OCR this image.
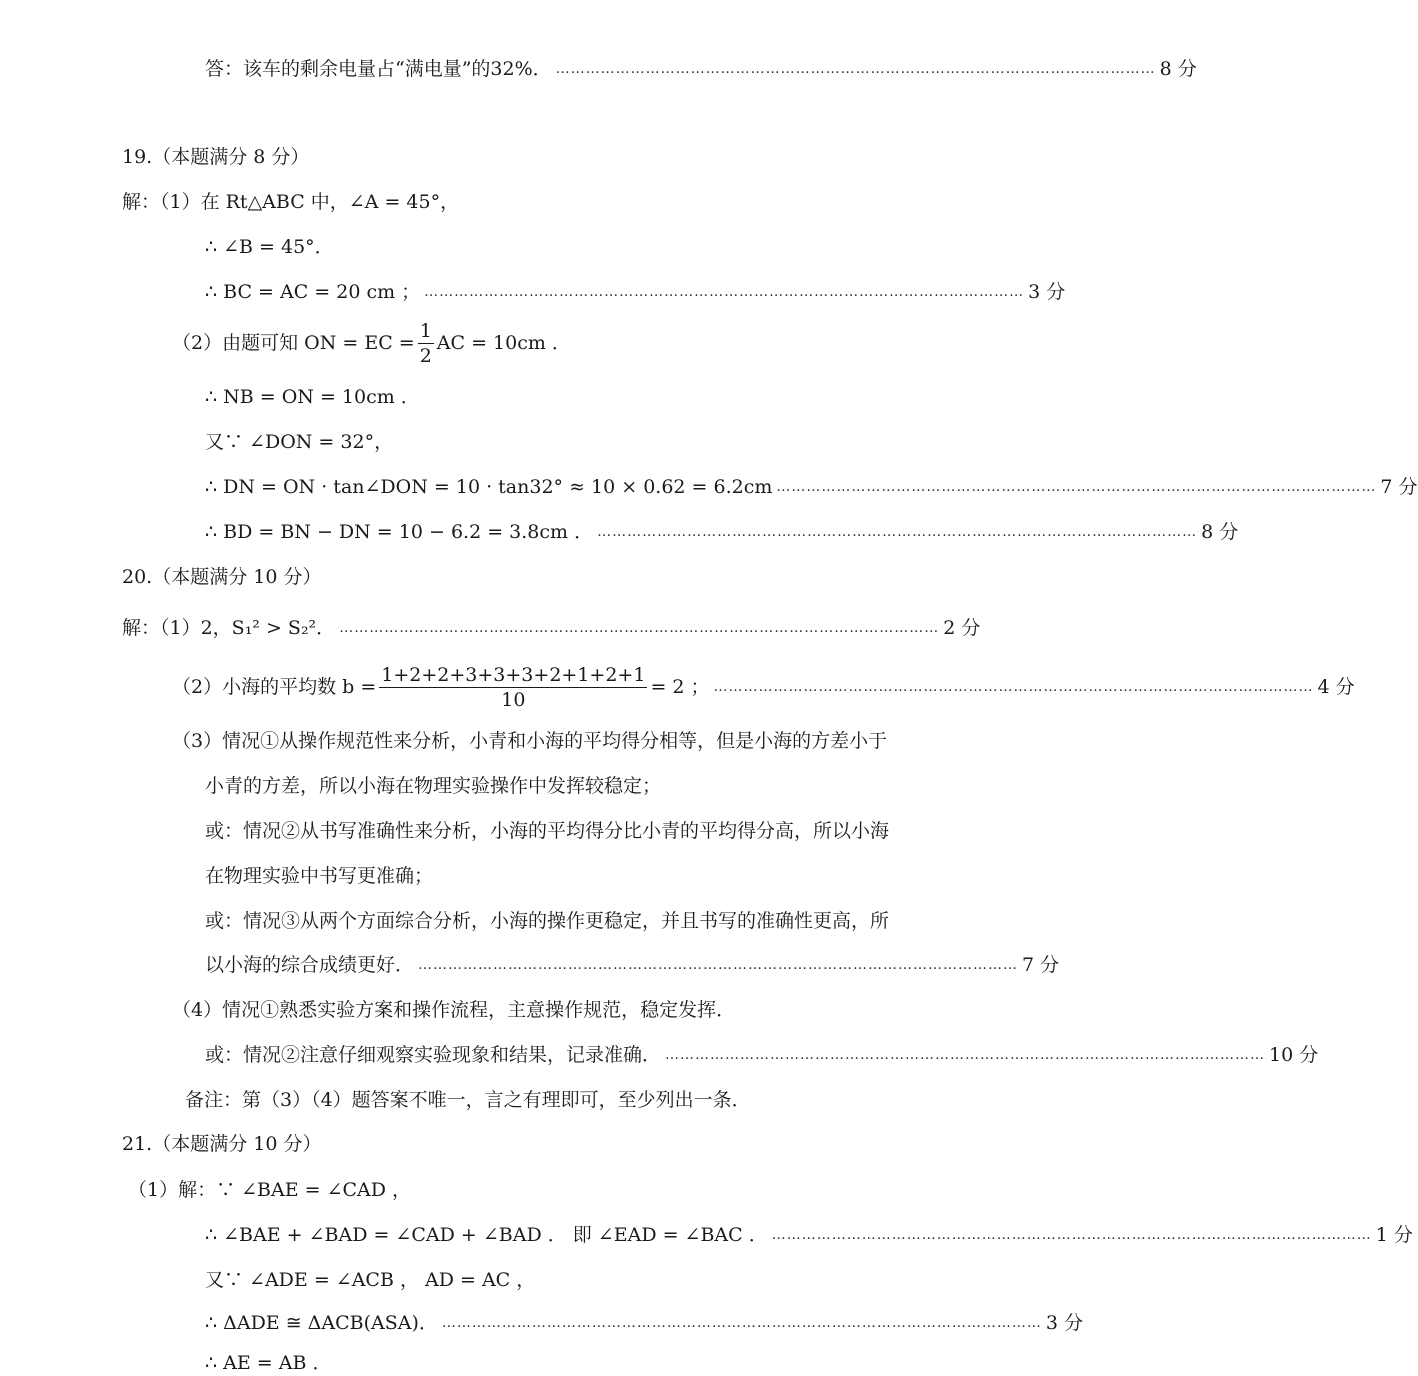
答：该车的剩余电量占“满电量”的32%． ………………………………………………………………………………………………………… 8 分
19.（本题满分 8 分）
解：（1）在 Rt△ABC 中，∠A = 45°，
∴ ∠B = 45°．
∴ BC = AC = 20 cm ； ………………………………………………………………………………………………………… 3 分
（2）由题可知 ON = EC = $\frac{1}{2}$ AC = 10cm ．
∴ NB = ON = 10cm ．
又∵ ∠DON = 32°，
∴ DN = ON · tan∠DON = 10 · tan32° ≈ 10 × 0.62 = 6.2cm ………………………………………………………………………………………………………… 7 分
∴ BD = BN − DN = 10 − 6.2 = 3.8cm ． ………………………………………………………………………………………………………… 8 分
20.（本题满分 10 分）
解：（1）2，S₁² > S₂²． ………………………………………………………………………………………………………… 2 分
（2）小海的平均数 $b = \frac{1+2+2+3+3+3+2+1+2+1}{10} = 2$ ； ………………………………………………………………………………………………………… 4 分
（3）情况①从操作规范性来分析，小青和小海的平均得分相等，但是小海的方差小于
小青的方差，所以小海在物理实验操作中发挥较稳定；
或：情况②从书写准确性来分析，小海的平均得分比小青的平均得分高，所以小海
在物理实验中书写更准确；
或：情况③从两个方面综合分析，小海的操作更稳定，并且书写的准确性更高，所
以小海的综合成绩更好． ………………………………………………………………………………………………………… 7 分
（4）情况①熟悉实验方案和操作流程，主意操作规范，稳定发挥．
或：情况②注意仔细观察实验现象和结果，记录准确． ………………………………………………………………………………………………………… 10 分
备注：第（3）（4）题答案不唯一，言之有理即可，至少列出一条．
21.（本题满分 10 分）
（1）解：∵ ∠BAE = ∠CAD ，
∴ ∠BAE + ∠BAD = ∠CAD + ∠BAD ． 即 ∠EAD = ∠BAC ． ………………………………………………………………………………………………………… 1 分
又∵ ∠ADE = ∠ACB ， AD = AC ，
∴ ΔADE ≅ ΔACB(ASA)． ………………………………………………………………………………………………………… 3 分
∴ AE = AB ．
